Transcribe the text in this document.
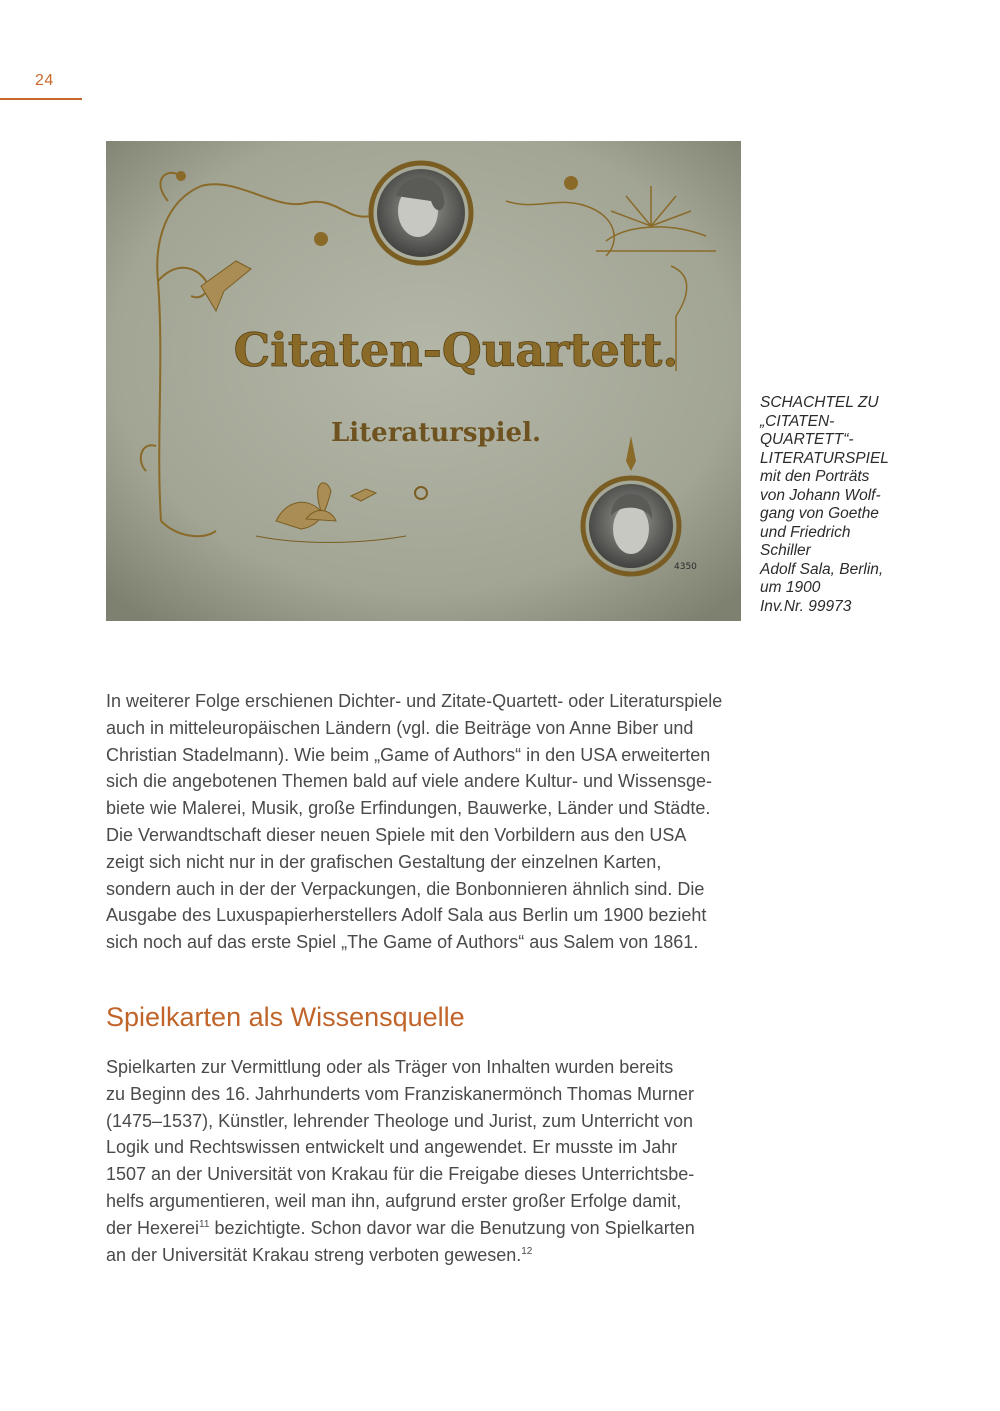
24
Citaten-Quartett.
Literaturspiel.
4350
SCHACHTEL ZU
„CITATEN-
QUARTETT“-
LITERATURSPIEL
mit den Porträts
von Johann Wolf-
gang von Goethe
und Friedrich
Schiller
Adolf Sala, Berlin,
um 1900
Inv.Nr. 99973

In weiterer Folge erschienen Dichter- und Zitate-Quartett- oder Literaturspiele
auch in mitteleuropäischen Ländern (vgl. die Beiträge von Anne Biber und
Christian Stadelmann). Wie beim „Game of Authors“ in den USA erweiterten
sich die angebotenen Themen bald auf viele andere Kultur- und Wissensge-
biete wie Malerei, Musik, große Erfindungen, Bauwerke, Länder und Städte.
Die Verwandtschaft dieser neuen Spiele mit den Vorbildern aus den USA
zeigt sich nicht nur in der grafischen Gestaltung der einzelnen Karten,
sondern auch in der der Verpackungen, die Bonbonnieren ähnlich sind. Die
Ausgabe des Luxuspapierherstellers Adolf Sala aus Berlin um 1900 bezieht
sich noch auf das erste Spiel „The Game of Authors“ aus Salem von 1861.

Spielkarten als Wissensquelle

Spielkarten zur Vermittlung oder als Träger von Inhalten wurden bereits
zu Beginn des 16. Jahrhunderts vom Franziskanermönch Thomas Murner
(1475–1537), Künstler, lehrender Theologe und Jurist, zum Unterricht von
Logik und Rechtswissen entwickelt und angewendet. Er musste im Jahr
1507 an der Universität von Krakau für die Freigabe dieses Unterrichtsbe-
helfs argumentieren, weil man ihn, aufgrund erster großer Erfolge damit,
der Hexerei$^{11}$ bezichtigte. Schon davor war die Benutzung von Spielkarten
an der Universität Krakau streng verboten gewesen.$^{12}$
